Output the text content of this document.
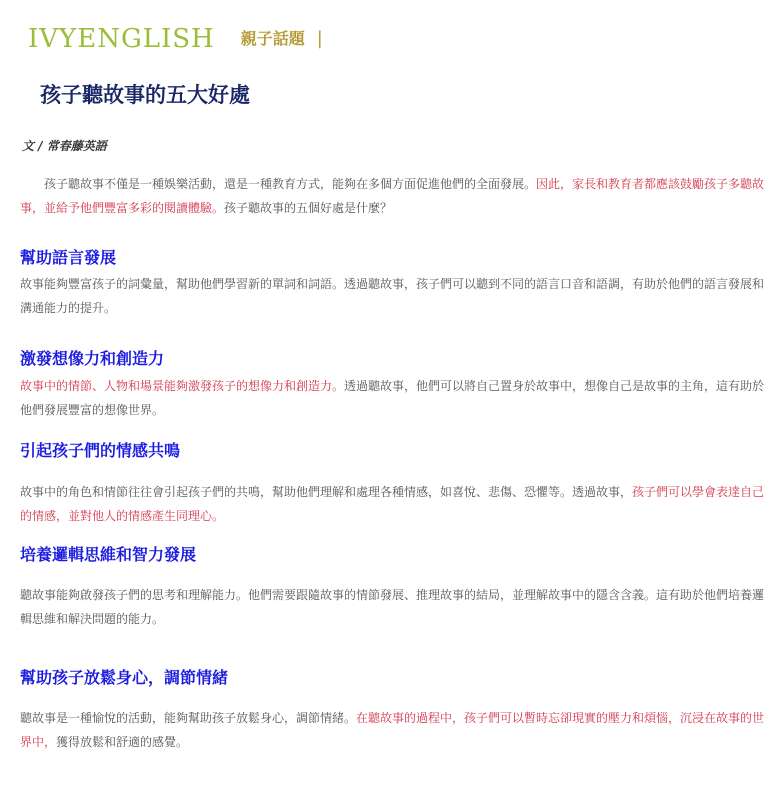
IVYENGLISH 親子話題 |
孩子聽故事的五大好處
文 / 常春藤英語

孩子聽故事不僅是一種娛樂活動，還是一種教育方式，能夠在多個方面促進他們的全面發展。因此，家長和教育者都應該鼓勵孩子多聽故事，並給予他們豐富多彩的閱讀體驗。孩子聽故事的五個好處是什麼？

幫助語言發展

故事能夠豐富孩子的詞彙量，幫助他們學習新的單詞和詞語。透過聽故事，孩子們可以聽到不同的語言口音和語調，有助於他們的語言發展和溝通能力的提升。

激發想像力和創造力

故事中的情節、人物和場景能夠激發孩子的想像力和創造力。透過聽故事，他們可以將自己置身於故事中，想像自己是故事的主角，這有助於他們發展豐富的想像世界。

引起孩子們的情感共鳴

故事中的角色和情節往往會引起孩子們的共鳴，幫助他們理解和處理各種情感，如喜悅、悲傷、恐懼等。透過故事，孩子們可以學會表達自己的情感，並對他人的情感產生同理心。

培養邏輯思維和智力發展

聽故事能夠啟發孩子們的思考和理解能力。他們需要跟隨故事的情節發展、推理故事的結局，並理解故事中的隱含含義。這有助於他們培養邏輯思維和解決問題的能力。

幫助孩子放鬆身心，調節情緒

聽故事是一種愉悅的活動，能夠幫助孩子放鬆身心，調節情緒。在聽故事的過程中，孩子們可以暫時忘卻現實的壓力和煩惱，沉浸在故事的世界中，獲得放鬆和舒適的感覺。
